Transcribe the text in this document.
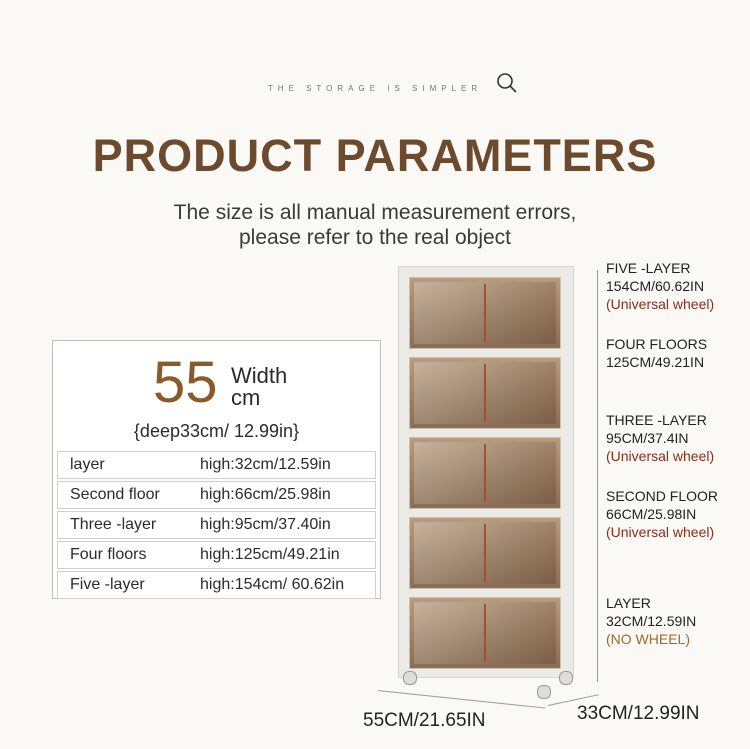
THE STORAGE IS SIMPLER
PRODUCT PARAMETERS
The size is all manual measurement errors,
please refer to the real object
55 Width
cm
{deep33cm/ 12.99in}
layer	high:32cm/12.59in
Second floor	high:66cm/25.98in
Three -layer	high:95cm/37.40in
Four floors	high:125cm/49.21in
Five -layer	high:154cm/ 60.62in
FIVE -LAYER
154CM/60.62IN
(Universal wheel)
FOUR FLOORS
125CM/49.21IN
THREE -LAYER
95CM/37.4IN
(Universal wheel)
SECOND FLOOR
66CM/25.98IN
(Universal wheel)
LAYER
32CM/12.59IN
(NO WHEEL)
55CM/21.65IN	33CM/12.99IN
